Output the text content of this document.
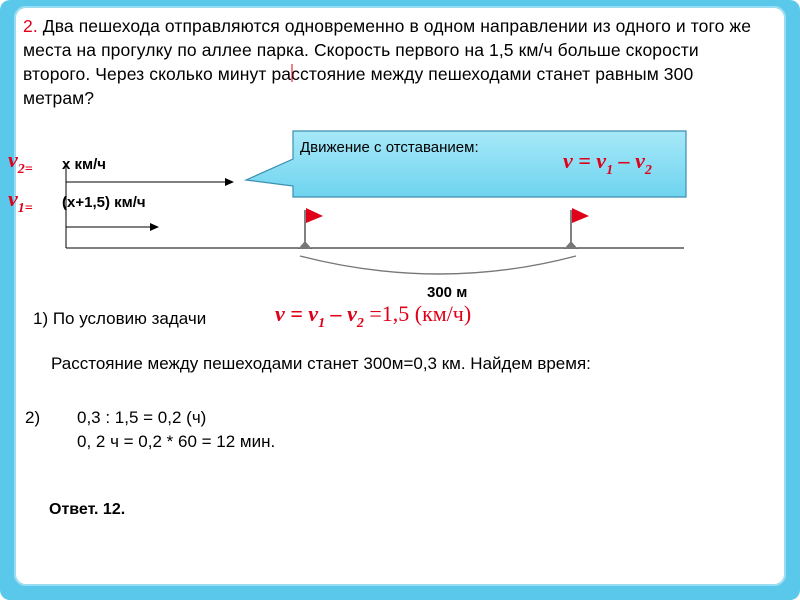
2. Два пешехода отправляются одновременно в одном направлении из одного и того же места на прогулку по аллее парка. Скорость первого на 1,5 км/ч больше скорости второго. Через сколько минут расстояние между пешеходами станет равным 300 метрам?
Движение с отставанием:
$v = v_1 - v_2$
$v_{2=}$
$v_{1=}$
x км/ч
(x+1,5) км/ч
300 м
1) По условию задачи	$v = v_1 - v_2 =1,5$ (км/ч)
Расстояние между пешеходами станет 300м=0,3 км. Найдем время:
2) 0,3 : 1,5 = 0,2 (ч)
0, 2 ч = 0,2 * 60 = 12 мин.
Ответ. 12.
